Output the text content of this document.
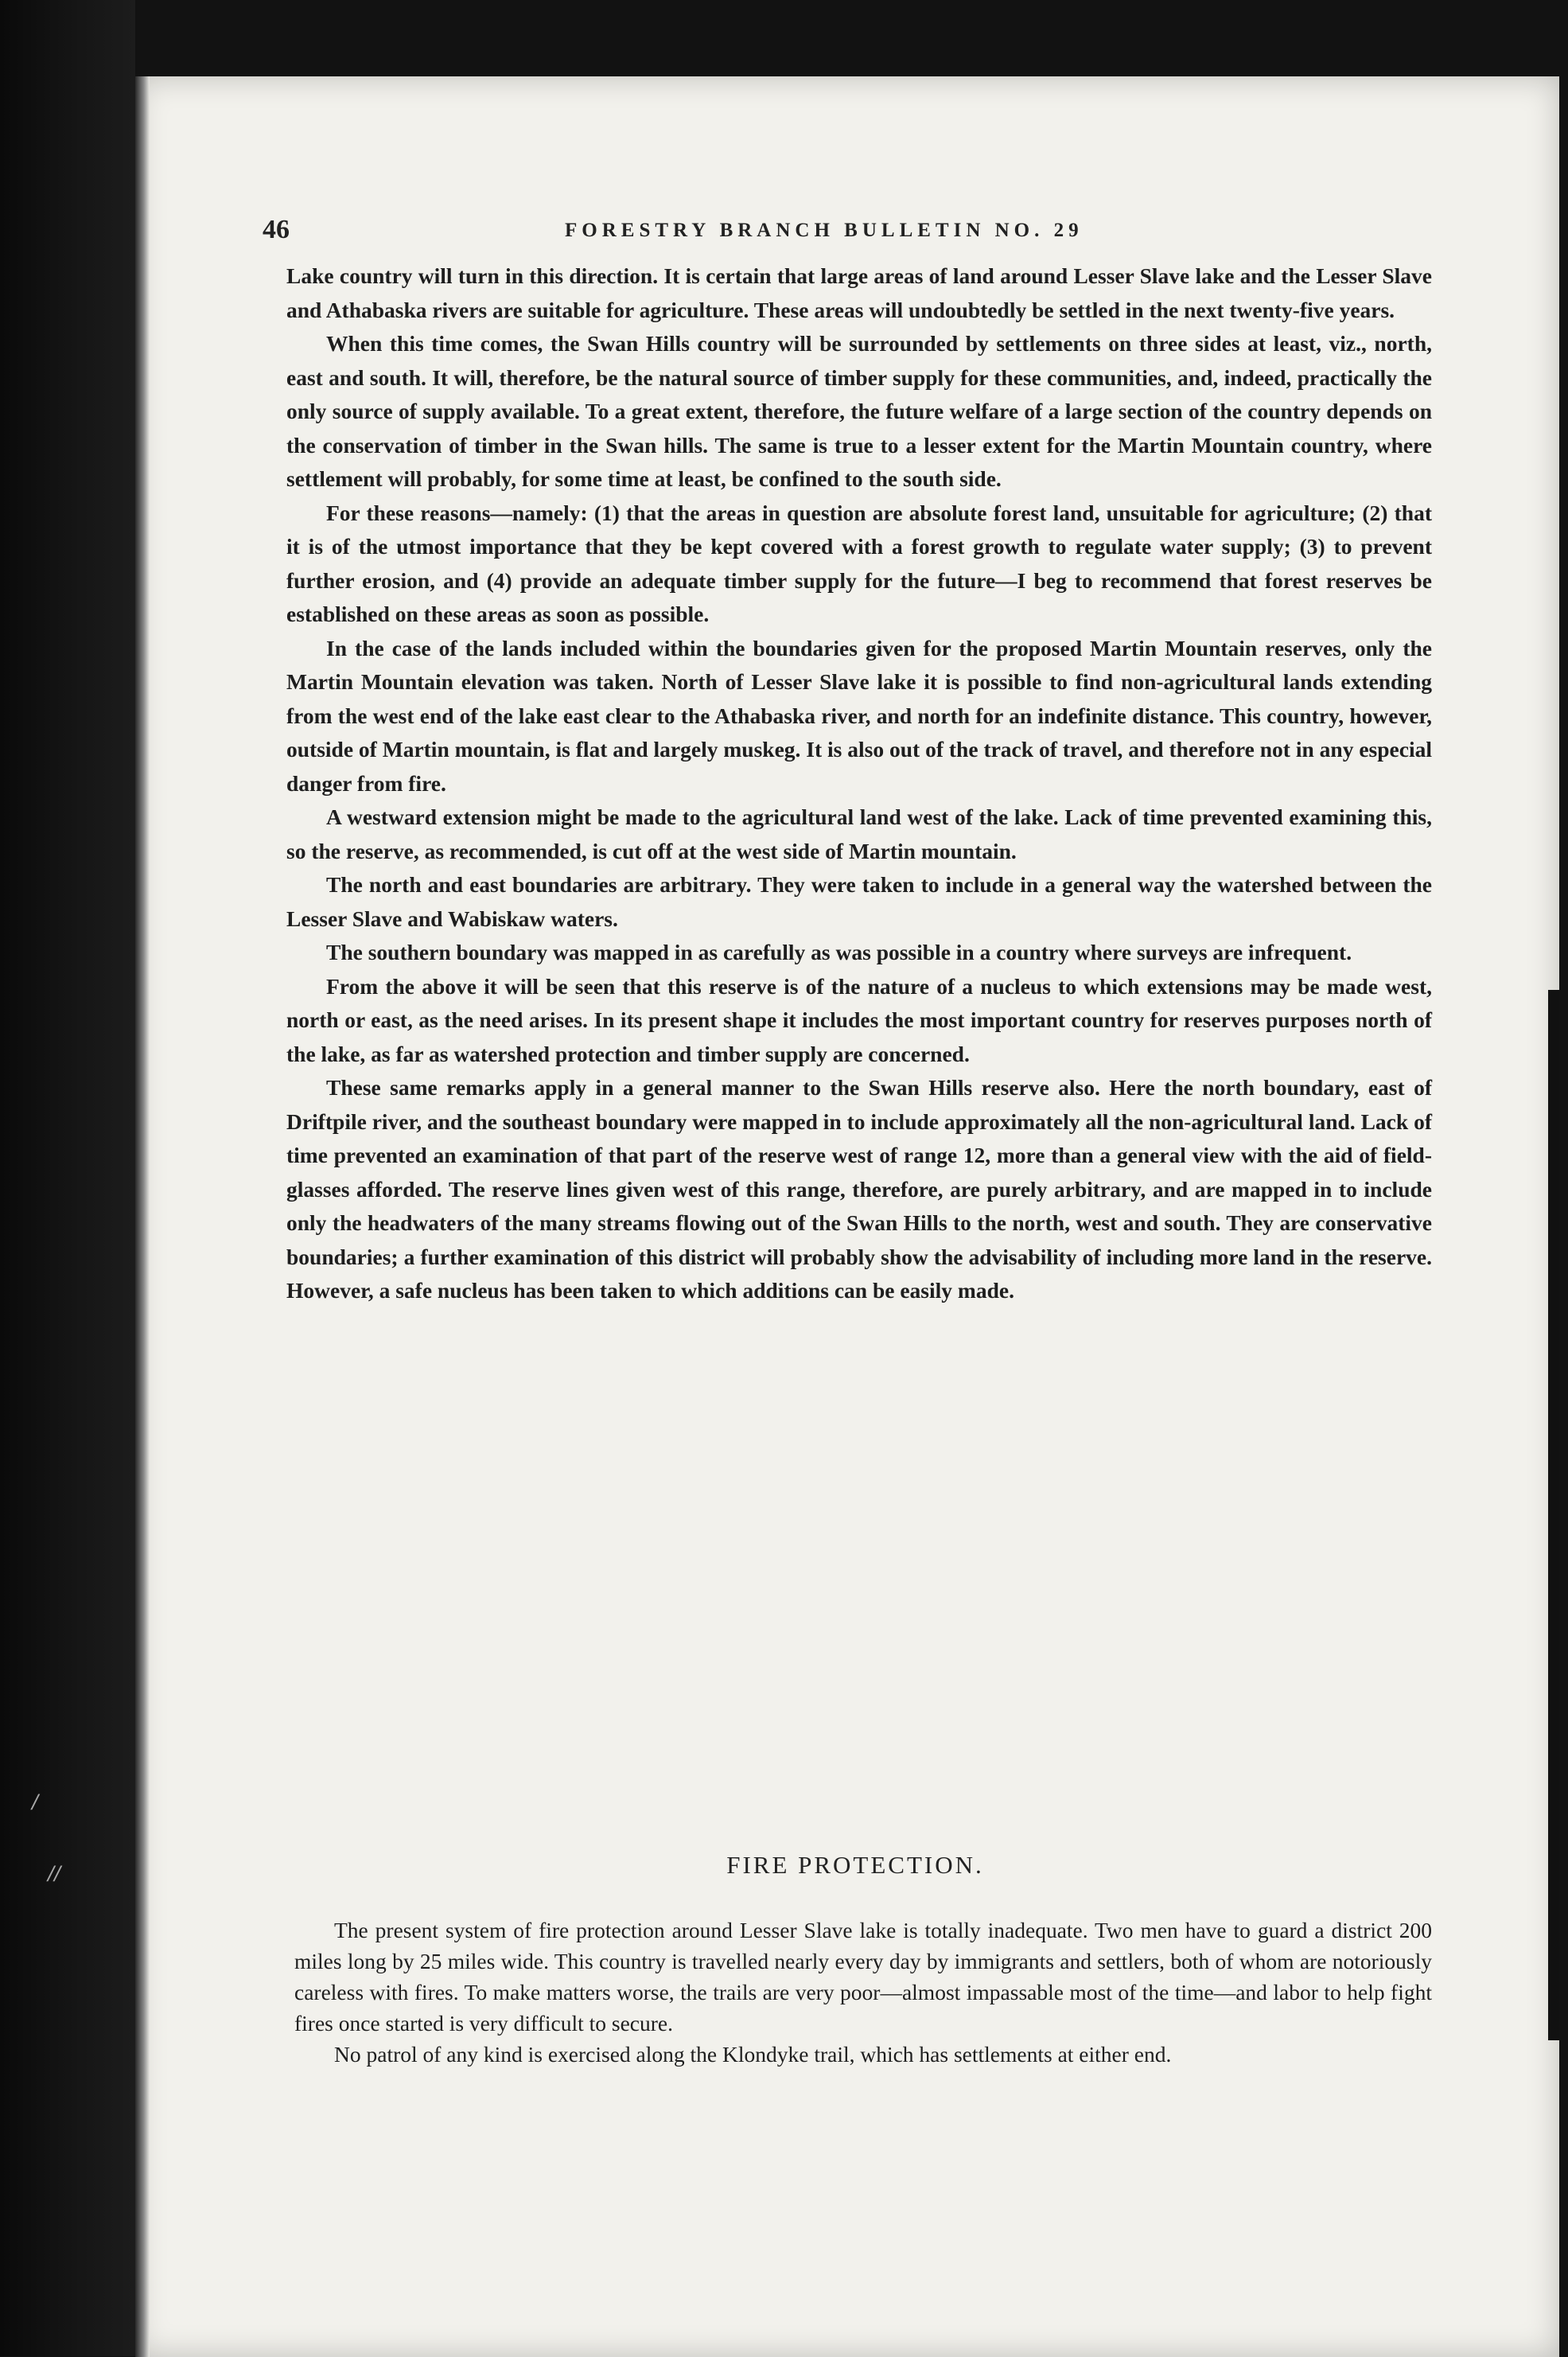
46	FORESTRY BRANCH BULLETIN NO. 29

Lake country will turn in this direction. It is certain that large areas of land around Lesser Slave lake and the Lesser Slave and Athabaska rivers are suitable for agriculture. These areas will undoubtedly be settled in the next twenty-five years.

When this time comes, the Swan Hills country will be surrounded by settlements on three sides at least, viz., north, east and south. It will, therefore, be the natural source of timber supply for these communities, and, indeed, practically the only source of supply available. To a great extent, therefore, the future welfare of a large section of the country depends on the conservation of timber in the Swan hills. The same is true to a lesser extent for the Martin Mountain country, where settlement will probably, for some time at least, be confined to the south side.

For these reasons—namely: (1) that the areas in question are absolute forest land, unsuitable for agriculture; (2) that it is of the utmost importance that they be kept covered with a forest growth to regulate water supply; (3) to prevent further erosion, and (4) provide an adequate timber supply for the future—I beg to recommend that forest reserves be established on these areas as soon as possible.

In the case of the lands included within the boundaries given for the proposed Martin Mountain reserves, only the Martin Mountain elevation was taken. North of Lesser Slave lake it is possible to find non-agricultural lands extending from the west end of the lake east clear to the Athabaska river, and north for an indefinite distance. This country, however, outside of Martin mountain, is flat and largely muskeg. It is also out of the track of travel, and therefore not in any especial danger from fire.

A westward extension might be made to the agricultural land west of the lake. Lack of time prevented examining this, so the reserve, as recommended, is cut off at the west side of Martin mountain.

The north and east boundaries are arbitrary. They were taken to include in a general way the watershed between the Lesser Slave and Wabiskaw waters.

The southern boundary was mapped in as carefully as was possible in a country where surveys are infrequent.

From the above it will be seen that this reserve is of the nature of a nucleus to which extensions may be made west, north or east, as the need arises. In its present shape it includes the most important country for reserves purposes north of the lake, as far as watershed protection and timber supply are concerned.

These same remarks apply in a general manner to the Swan Hills reserve also. Here the north boundary, east of Driftpile river, and the southeast boundary were mapped in to include approximately all the non-agricultural land. Lack of time prevented an examination of that part of the reserve west of range 12, more than a general view with the aid of field-glasses afforded. The reserve lines given west of this range, therefore, are purely arbitrary, and are mapped in to include only the headwaters of the many streams flowing out of the Swan Hills to the north, west and south. They are conservative boundaries; a further examination of this district will probably show the advisability of including more land in the reserve. However, a safe nucleus has been taken to which additions can be easily made.

FIRE PROTECTION.

The present system of fire protection around Lesser Slave lake is totally inadequate. Two men have to guard a district 200 miles long by 25 miles wide. This country is travelled nearly every day by immigrants and settlers, both of whom are notoriously careless with fires. To make matters worse, the trails are very poor—almost impassable most of the time—and labor to help fight fires once started is very difficult to secure.

No patrol of any kind is exercised along the Klondyke trail, which has settlements at either end.

/
//
